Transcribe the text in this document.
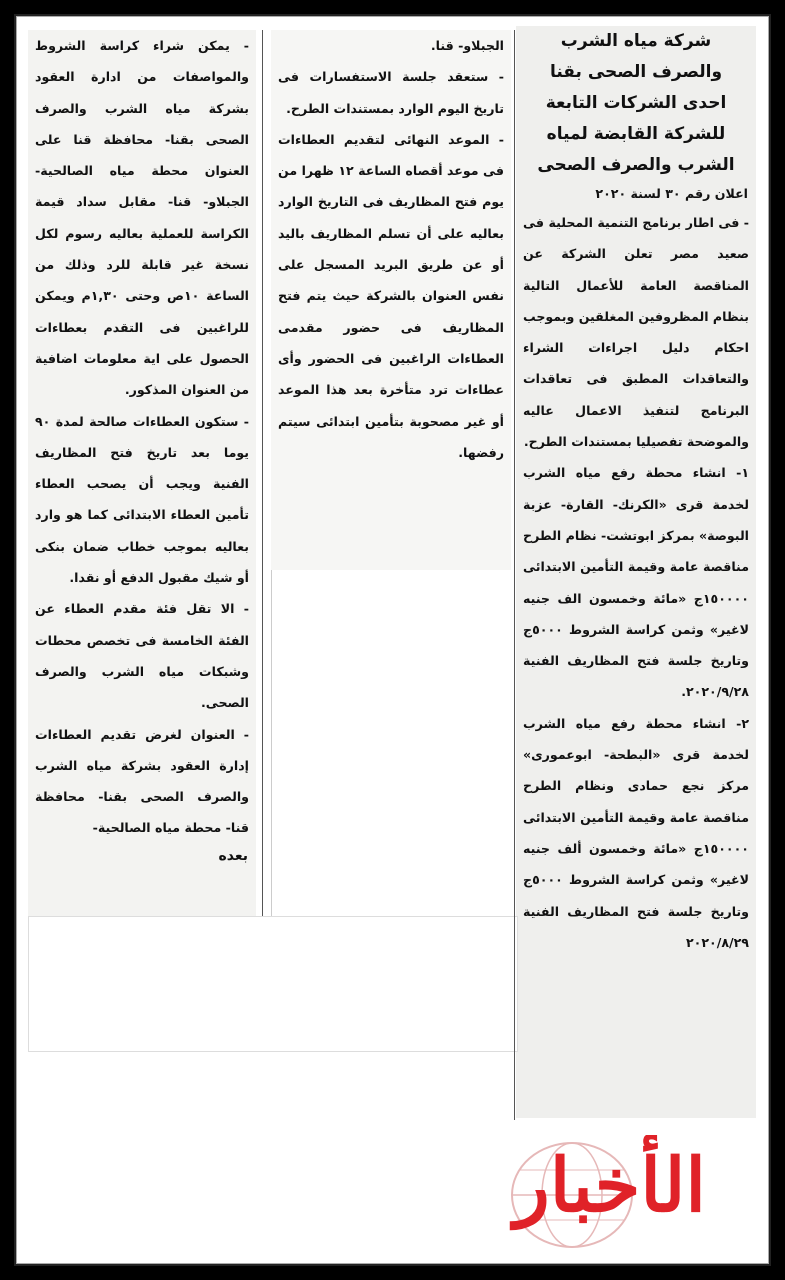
شركة مياه الشرب

والصرف الصحى بقنا

احدى الشركات التابعة

للشركة القابضة لمياه

الشرب والصرف الصحى

اعلان رقم ٣٠ لسنة ٢٠٢٠

- فى اطار برنامج التنمية المحلية فى صعيد مصر تعلن الشركة عن المناقصة العامة للأعمال التالية بنظام المظروفين المغلقين وبموجب احكام دليل اجراءات الشراء والتعاقدات المطبق فى تعاقدات البرنامج لتنفيذ الاعمال عاليه والموضحة تفصيليا بمستندات الطرح.

١- انشاء محطة رفع مياه الشرب لخدمة قرى «الكرنك- القارة- عزبة البوصة» بمركز ابوتشت- نظام الطرح مناقصة عامة وقيمة التأمين الابتدائى ١٥٠٠٠٠ج «مائة وخمسون الف جنيه لاغير» وثمن كراسة الشروط ٥٠٠٠ج وتاريخ جلسة فتح المظاريف الفنية ٢٠٢٠/٩/٢٨.

٢- انشاء محطة رفع مياه الشرب لخدمة قرى «البطحة- ابوعمورى» مركز نجع حمادى ونظام الطرح مناقصة عامة وقيمة التأمين الابتدائى ١٥٠٠٠٠ج «مائة وخمسون ألف جنيه لاغير» وثمن كراسة الشروط ٥٠٠٠ج وتاريخ جلسة فتح المظاريف الفنية ٢٠٢٠/٨/٢٩

الجبلاو- قنا.

- ستعقد جلسة الاستفسارات فى تاريخ اليوم الوارد بمستندات الطرح.

- الموعد النهائى لتقديم العطاءات فى موعد أقصاه الساعة ١٢ ظهرا من يوم فتح المظاريف فى التاريخ الوارد بعاليه على أن تسلم المظاريف باليد أو عن طريق البريد المسجل على نفس العنوان بالشركة حيث يتم فتح المظاريف فى حضور مقدمى العطاءات الراغبين فى الحضور وأى عطاءات ترد متأخرة بعد هذا الموعد أو غير مصحوبة بتأمين ابتدائى سيتم رفضها.

- يمكن شراء كراسة الشروط والمواصفات من ادارة العقود بشركة مياه الشرب والصرف الصحى بقنا- محافظة قنا على العنوان محطة مياه الصالحية- الجبلاو- قنا- مقابل سداد قيمة الكراسة للعملية بعاليه رسوم لكل نسخة غير قابلة للرد وذلك من الساعة ١٠ص وحتى ١,٣٠م ويمكن للراغبين فى التقدم بعطاءات الحصول على اية معلومات اضافية من العنوان المذكور.

- ستكون العطاءات صالحة لمدة ٩٠ يوما بعد تاريخ فتح المظاريف الفنية ويجب أن يصحب العطاء تأمين العطاء الابتدائى كما هو وارد بعاليه بموجب خطاب ضمان بنكى أو شيك مقبول الدفع أو نقدا.

- الا تقل فئة مقدم العطاء عن الفئة الخامسة فى تخصص محطات وشبكات مياه الشرب والصرف الصحى.

- العنوان لغرض تقديم العطاءات إدارة العقود بشركة مياه الشرب والصرف الصحى بقنا- محافظة قنا- محطة مياه الصالحية-

بعده

الأخبار
